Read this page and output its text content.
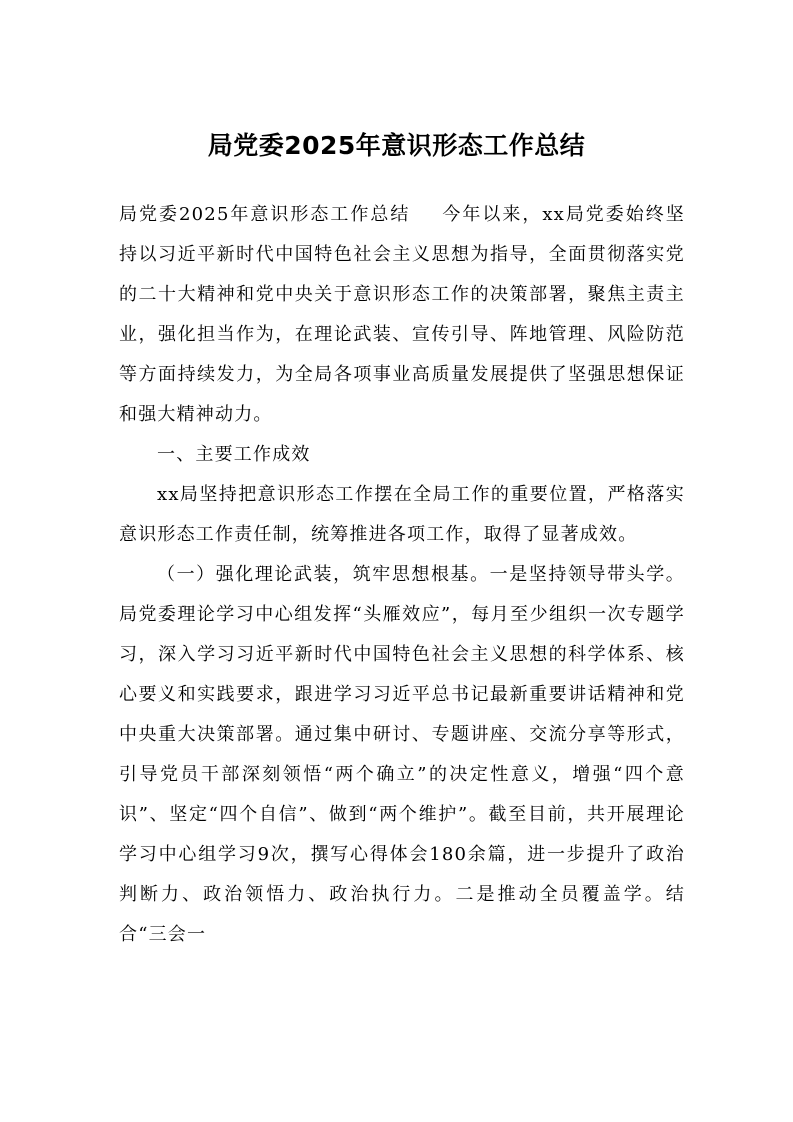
局党委2025年意识形态工作总结

局党委2025年意识形态工作总结 今年以来，xx局党委始终坚持以习近平新时代中国特色社会主义思想为指导，全面贯彻落实党的二十大精神和党中央关于意识形态工作的决策部署，聚焦主责主业，强化担当作为，在理论武装、宣传引导、阵地管理、风险防范等方面持续发力，为全局各项事业高质量发展提供了坚强思想保证和强大精神动力。

一、主要工作成效

xx局坚持把意识形态工作摆在全局工作的重要位置，严格落实意识形态工作责任制，统筹推进各项工作，取得了显著成效。

（一）强化理论武装，筑牢思想根基。一是坚持领导带头学。局党委理论学习中心组发挥“头雁效应”，每月至少组织一次专题学习，深入学习习近平新时代中国特色社会主义思想的科学体系、核心要义和实践要求，跟进学习习近平总书记最新重要讲话精神和党中央重大决策部署。通过集中研讨、专题讲座、交流分享等形式，引导党员干部深刻领悟“两个确立”的决定性意义，增强“四个意识”、坚定“四个自信”、做到“两个维护”。截至目前，共开展理论学习中心组学习9次，撰写心得体会180余篇，进一步提升了政治判断力、政治领悟力、政治执行力。二是推动全员覆盖学。结合“三会一
